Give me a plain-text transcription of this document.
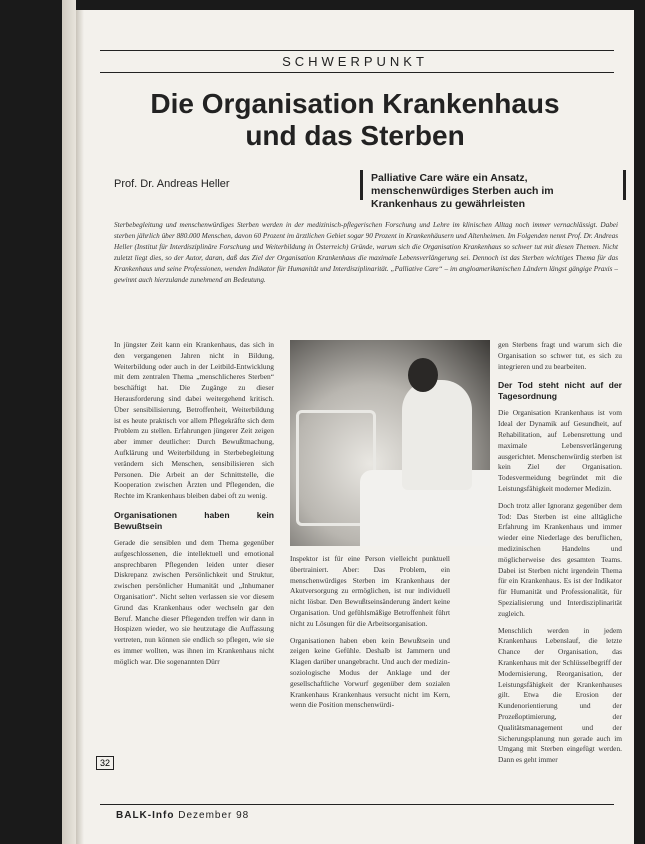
SCHWERPUNKT
Die Organisation Krankenhaus
und das Sterben
Prof. Dr. Andreas Heller	Palliative Care wäre ein Ansatz, menschenwürdiges Sterben auch im Krankenhaus zu gewährleisten
Sterbebegleitung und menschenwürdiges Sterben werden in der medizinisch-pflegerischen Forschung und Lehre im klinischen Alltag noch immer vernachlässigt. Dabei sterben jährlich über 880.000 Menschen, davon 60 Prozent im ärztlichen Gebiet sogar 90 Prozent in Krankenhäusern und Altenheimen. Im Folgenden nennt Prof. Dr. Andreas Heller (Institut für Interdisziplinäre Forschung und Weiterbildung in Österreich) Gründe, warum sich die Organisation Krankenhaus so schwer tut mit diesen Themen. Nicht zuletzt liegt dies, so der Autor, daran, daß das Ziel der Organisation Krankenhaus die maximale Lebensverlängerung sei. Dennoch ist das Sterben wichtiges Thema für das Krankenhaus und seine Professionen, wenden Indikator für Humanität und Interdisziplinarität. „Palliative Care“ – im angloamerikanischen Ländern längst gängige Praxis – gewinnt auch hierzulande zunehmend an Bedeutung.

In jüngster Zeit kann ein Krankenhaus, das sich in den vergangenen Jahren nicht in Bildung, Weiterbildung oder auch in der Leitbild-Entwicklung mit dem zentralen Thema „menschlicheres Sterben“ beschäftigt hat. Die Zugänge zu dieser Herausforderung sind dabei weitergehend kritisch. Über sensibilisierung, Betroffenheit, Weiterbildung ist es heute praktisch vor allem Pflegekräfte sich dem Problem zu stellen. Erfahrungen jüngerer Zeit zeigen aber immer deutlicher: Durch Bewußtmachung, Aufklärung und Weiterbildung in Sterbebegleitung verändern sich Menschen, sensibilisieren sich Personen. Die Arbeit an der Schnittstelle, die Kooperation zwischen Ärzten und Pflegenden, die Rechte im Krankenhaus bleiben dabei oft zu wenig.

Organisationen haben kein Bewußtsein

Gerade die sensiblen und dem Thema gegenüber aufgeschlossenen, die intellektuell und emotional ansprechbaren Pflegenden leiden unter dieser Diskrepanz zwischen Persönlichkeit und Struktur, zwischen persönlicher Humanität und „Inhumaner Organisation“. Nicht selten verlassen sie vor diesem Grund das Krankenhaus oder wechseln gar den Beruf. Manche dieser Pflegenden treffen wir dann in Hospizen wieder, wo sie heutzutage die Auffassung vertreten, nun können sie endlich so pflegen, wie sie es immer wollten, was ihnen im Krankenhaus nicht möglich war. Die sogenannten Dürr

Inspektor ist für eine Person vielleicht punktuell übertrainiert. Aber: Das Problem, ein menschenwürdiges Sterben im Krankenhaus der Akutversorgung zu ermöglichen, ist nur individuell nicht lösbar. Den Bewußtseinsänderung ändert keine Organisation. Und gefühlsmäßige Betroffenheit führt nicht zu Lösungen für die Arbeitsorganisation.

Organisationen haben eben kein Bewußtsein und zeigen keine Gefühle. Deshalb ist Jammern und Klagen darüber unangebracht. Und auch der medizin-soziologische Modus der Anklage und der gesellschaftliche Vorwurf gegenüber dem sozialen Krankenhaus Krankenhaus versucht nicht im Kern, wenn die Position menschenwürdi-

gen Sterbens fragt und warum sich die Organisation so schwer tut, es sich zu integrieren und zu bearbeiten.

Der Tod steht nicht auf der Tagesordnung

Die Organisation Krankenhaus ist vom Ideal der Dynamik auf Gesundheit, auf Rehabilitation, auf Lebensrettung und maximale Lebensverlängerung ausgerichtet. Menschenwürdig sterben ist kein Ziel der Organisation. Todesvermeidung begründet mit die Leistungsfähigkeit moderner Medizin.

Doch trotz aller Ignoranz gegenüber dem Tod: Das Sterben ist eine alltägliche Erfahrung im Krankenhaus und immer wieder eine Niederlage des beruflichen, medizinischen Handelns und möglicherweise des gesamten Teams. Dabei ist Sterben nicht irgendein Thema für ein Krankenhaus. Es ist der Indikator für Humanität und Professionalität, für Spezialisierung und Interdisziplinarität zugleich.

Menschlich werden in jedem Krankenhaus Lebenslauf, die letzte Chance der Organisation, das Krankenhaus mit der Schlüsselbegriff der Modernisierung, Reorganisation, der Leistungsfähigkeit der Krankenhauses gilt. Etwa die Erosion der Kundenorientierung und der Prozeßoptimierung, der Qualitätsmanagement und der Sicherungsplanung nun gerade auch im Umgang mit Sterben eingefügt werden. Dann es geht immer

32
BALK-Info Dezember 98
